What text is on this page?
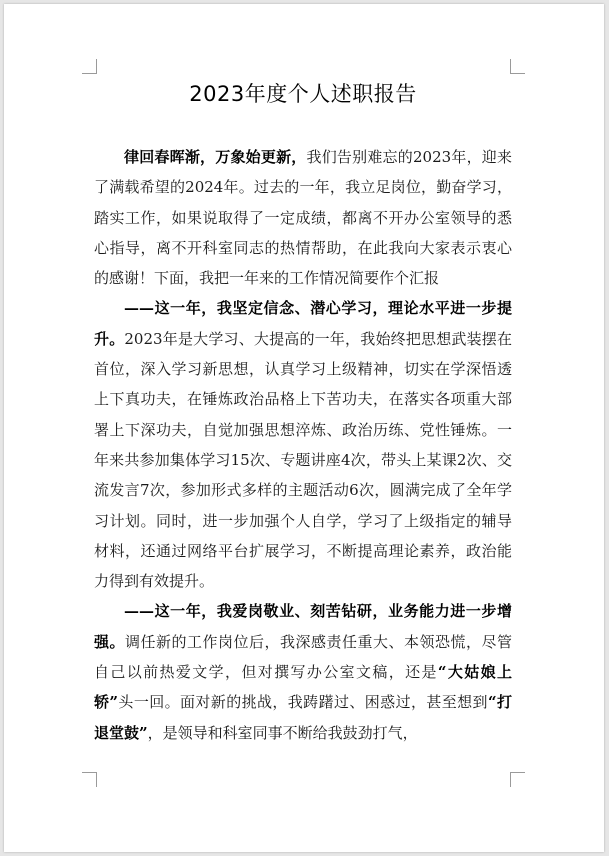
2023年度个人述职报告

律回春晖渐，万象始更新，我们告别难忘的2023年，迎来了满载希望的2024年。过去的一年，我立足岗位，勤奋学习，踏实工作，如果说取得了一定成绩，都离不开办公室领导的悉心指导，离不开科室同志的热情帮助，在此我向大家表示衷心的感谢！下面，我把一年来的工作情况简要作个汇报

——这一年，我坚定信念、潜心学习，理论水平进一步提升。2023年是大学习、大提高的一年，我始终把思想武装摆在首位，深入学习新思想，认真学习上级精神，切实在学深悟透上下真功夫，在锤炼政治品格上下苦功夫，在落实各项重大部署上下深功夫，自觉加强思想淬炼、政治历练、党性锤炼。一年来共参加集体学习15次、专题讲座4次，带头上某课2次、交流发言7次，参加形式多样的主题活动6次，圆满完成了全年学习计划。同时，进一步加强个人自学，学习了上级指定的辅导材料，还通过网络平台扩展学习，不断提高理论素养，政治能力得到有效提升。

——这一年，我爱岗敬业、刻苦钻研，业务能力进一步增强。调任新的工作岗位后，我深感责任重大、本领恐慌，尽管自己以前热爱文学，但对撰写办公室文稿，还是“大姑娘上轿”头一回。面对新的挑战，我踌躇过、困惑过，甚至想到“打退堂鼓”，是领导和科室同事不断给我鼓劲打气，
